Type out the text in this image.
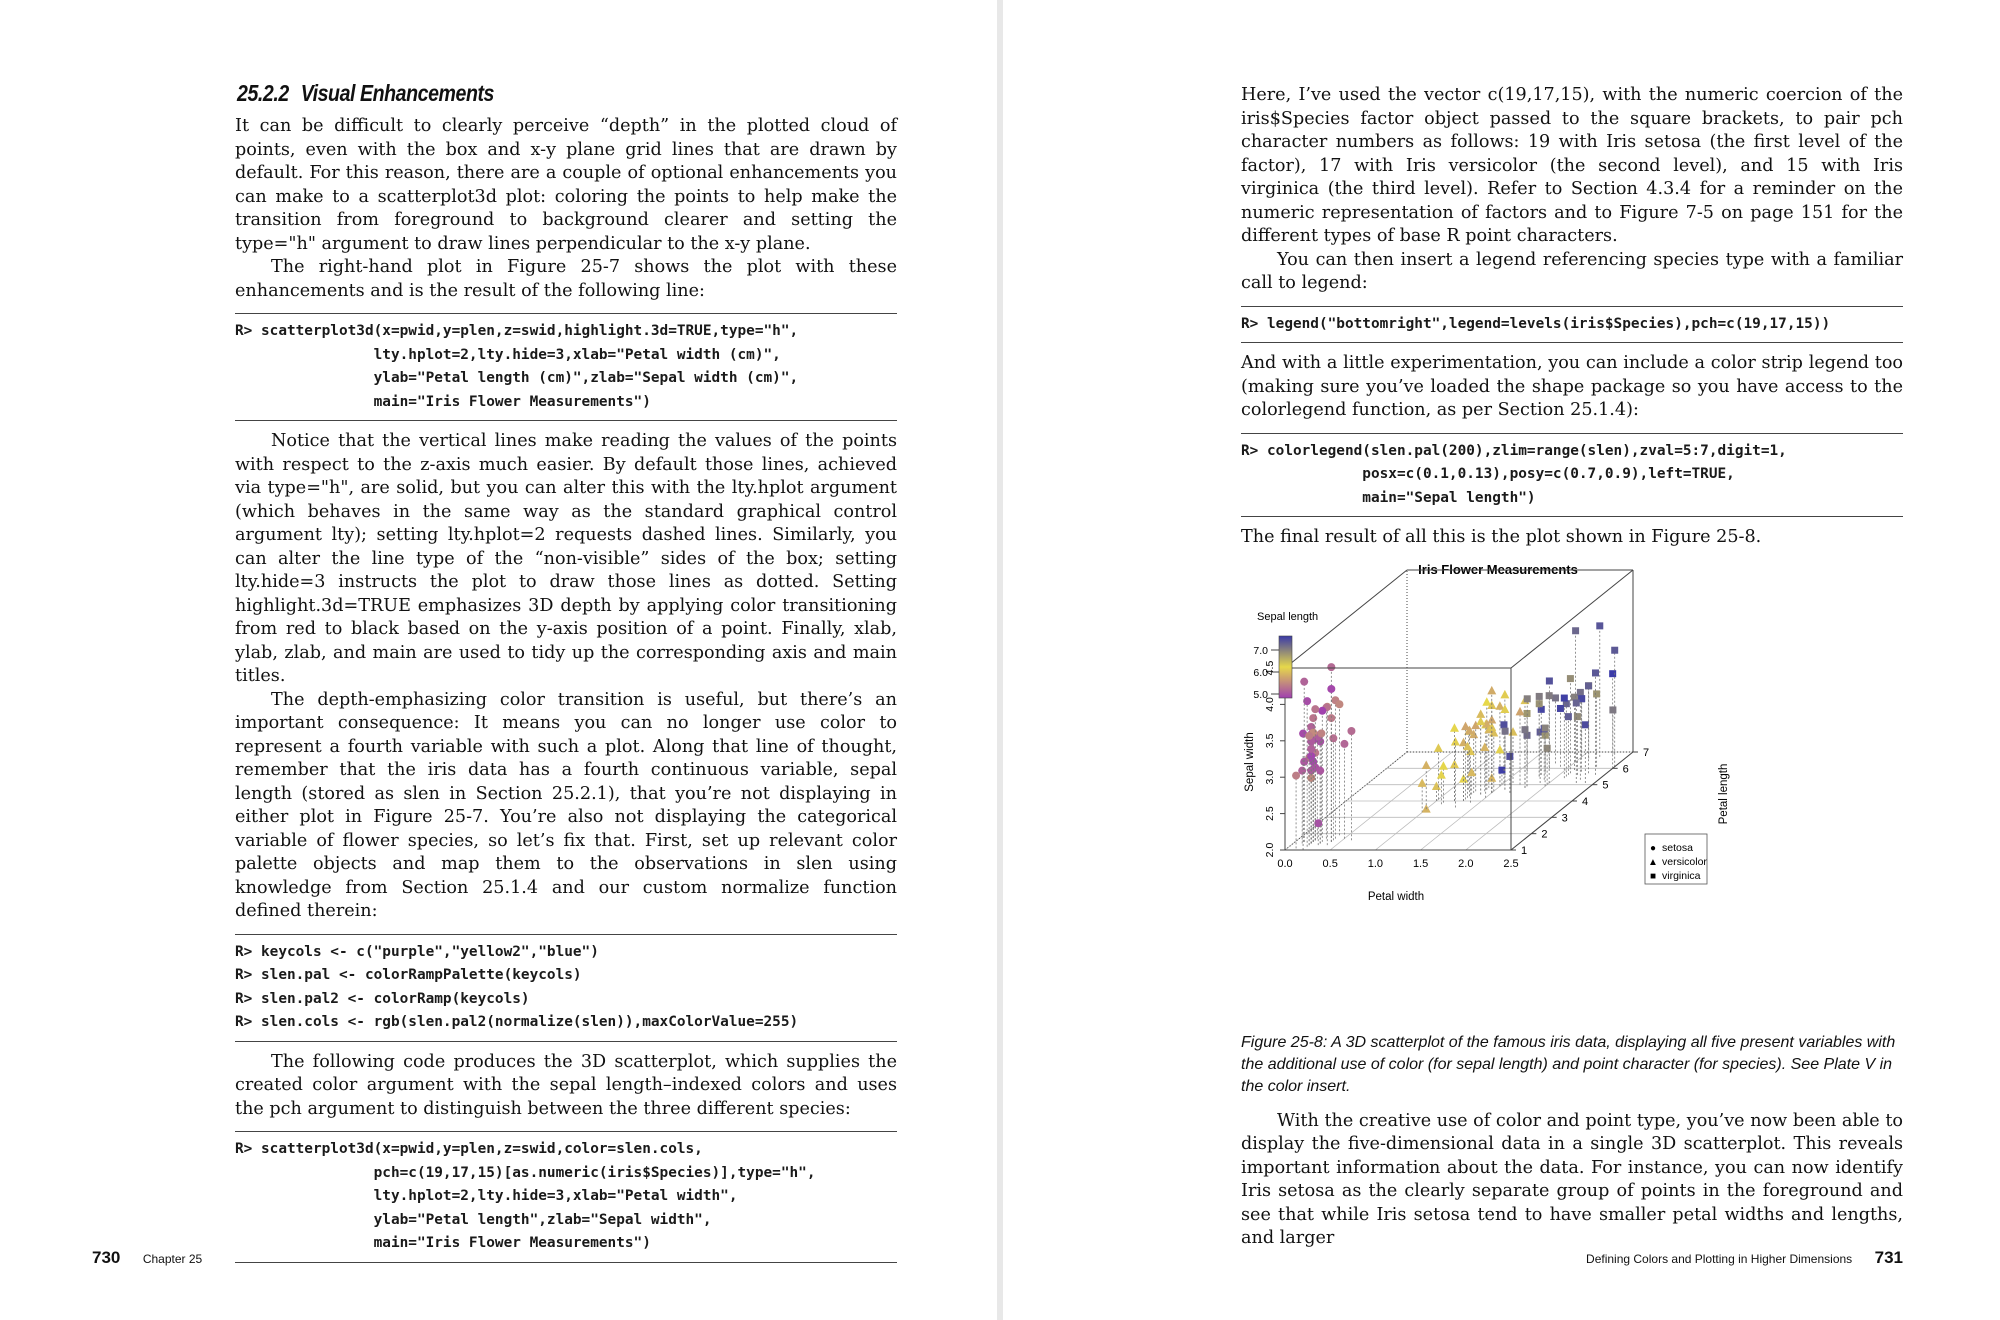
25.2.2 Visual Enhancements

It can be difficult to clearly perceive “depth” in the plotted cloud of points, even with the box and x-y plane grid lines that are drawn by default. For this reason, there are a couple of optional enhancements you can make to a scatterplot3d plot: coloring the points to help make the transition from foreground to background clearer and setting the type="h" argument to draw lines perpendicular to the x-y plane.

The right-hand plot in Figure 25-7 shows the plot with these enhancements and is the result of the following line:

R> scatterplot3d(x=pwid,y=plen,z=swid,highlight.3d=TRUE,type="h",
lty.hplot=2,lty.hide=3,xlab="Petal width (cm)",
ylab="Petal length (cm)",zlab="Sepal width (cm)",
main="Iris Flower Measurements")

Notice that the vertical lines make reading the values of the points with respect to the z-axis much easier. By default those lines, achieved via type="h", are solid, but you can alter this with the lty.hplot argument (which behaves in the same way as the standard graphical control argument lty); setting lty.hplot=2 requests dashed lines. Similarly, you can alter the line type of the “non-visible” sides of the box; setting lty.hide=3 instructs the plot to draw those lines as dotted. Setting highlight.3d=TRUE emphasizes 3D depth by applying color transitioning from red to black based on the y-axis position of a point. Finally, xlab, ylab, zlab, and main are used to tidy up the corresponding axis and main titles.

The depth-emphasizing color transition is useful, but there’s an important consequence: It means you can no longer use color to represent a fourth variable with such a plot. Along that line of thought, remember that the iris data has a fourth continuous variable, sepal length (stored as slen in Section 25.2.1), that you’re not displaying in either plot in Figure 25-7. You’re also not displaying the categorical variable of flower species, so let’s fix that. First, set up relevant color palette objects and map them to the observations in slen using knowledge from Section 25.1.4 and our custom normalize function defined therein:

R> keycols <- c("purple","yellow2","blue")
R> slen.pal <- colorRampPalette(keycols)
R> slen.pal2 <- colorRamp(keycols)
R> slen.cols <- rgb(slen.pal2(normalize(slen)),maxColorValue=255)

The following code produces the 3D scatterplot, which supplies the created color argument with the sepal length–indexed colors and uses the pch argument to distinguish between the three different species:

R> scatterplot3d(x=pwid,y=plen,z=swid,color=slen.cols,
pch=c(19,17,15)[as.numeric(iris$Species)],type="h",
lty.hplot=2,lty.hide=3,xlab="Petal width",
ylab="Petal length",zlab="Sepal width",
main="Iris Flower Measurements")
730 Chapter 25

Here, I’ve used the vector c(19,17,15), with the numeric coercion of the iris$Species factor object passed to the square brackets, to pair pch character numbers as follows: 19 with Iris setosa (the first level of the factor), 17 with Iris versicolor (the second level), and 15 with Iris virginica (the third level). Refer to Section 4.3.4 for a reminder on the numeric representation of factors and to Figure 7-5 on page 151 for the different types of base R point characters.

You can then insert a legend referencing species type with a familiar call to legend:

R> legend("bottomright",legend=levels(iris$Species),pch=c(19,17,15))

And with a little experimentation, you can include a color strip legend too (making sure you’ve loaded the shape package so you have access to the colorlegend function, as per Section 25.1.4):

R> colorlegend(slen.pal(200),zlim=range(slen),zval=5:7,digit=1,
posx=c(0.1,0.13),posy=c(0.7,0.9),left=TRUE,
main="Sepal length")

The final result of all this is the plot shown in Figure 25-8.

Iris Flower Measurements
0.0	0.5	1.0	1.5	2.0	2.5
Petal width
1
2
3
4
5
6
7
Petal length
2.0
2.5
3.0
3.5
4.0
4.5
Sepal width
Sepal length
7.0
6.0
5.0
● setosa
▲ versicolor
■ virginica
Figure 25-8: A 3D scatterplot of the famous iris data, displaying all five present variables with the additional use of color (for sepal length) and point character (for species). See Plate V in the color insert.

With the creative use of color and point type, you’ve now been able to display the five-dimensional data in a single 3D scatterplot. This reveals important information about the data. For instance, you can now identify Iris setosa as the clearly separate group of points in the foreground and see that while Iris setosa tend to have smaller petal widths and lengths, and larger

Defining Colors and Plotting in Higher Dimensions 731
